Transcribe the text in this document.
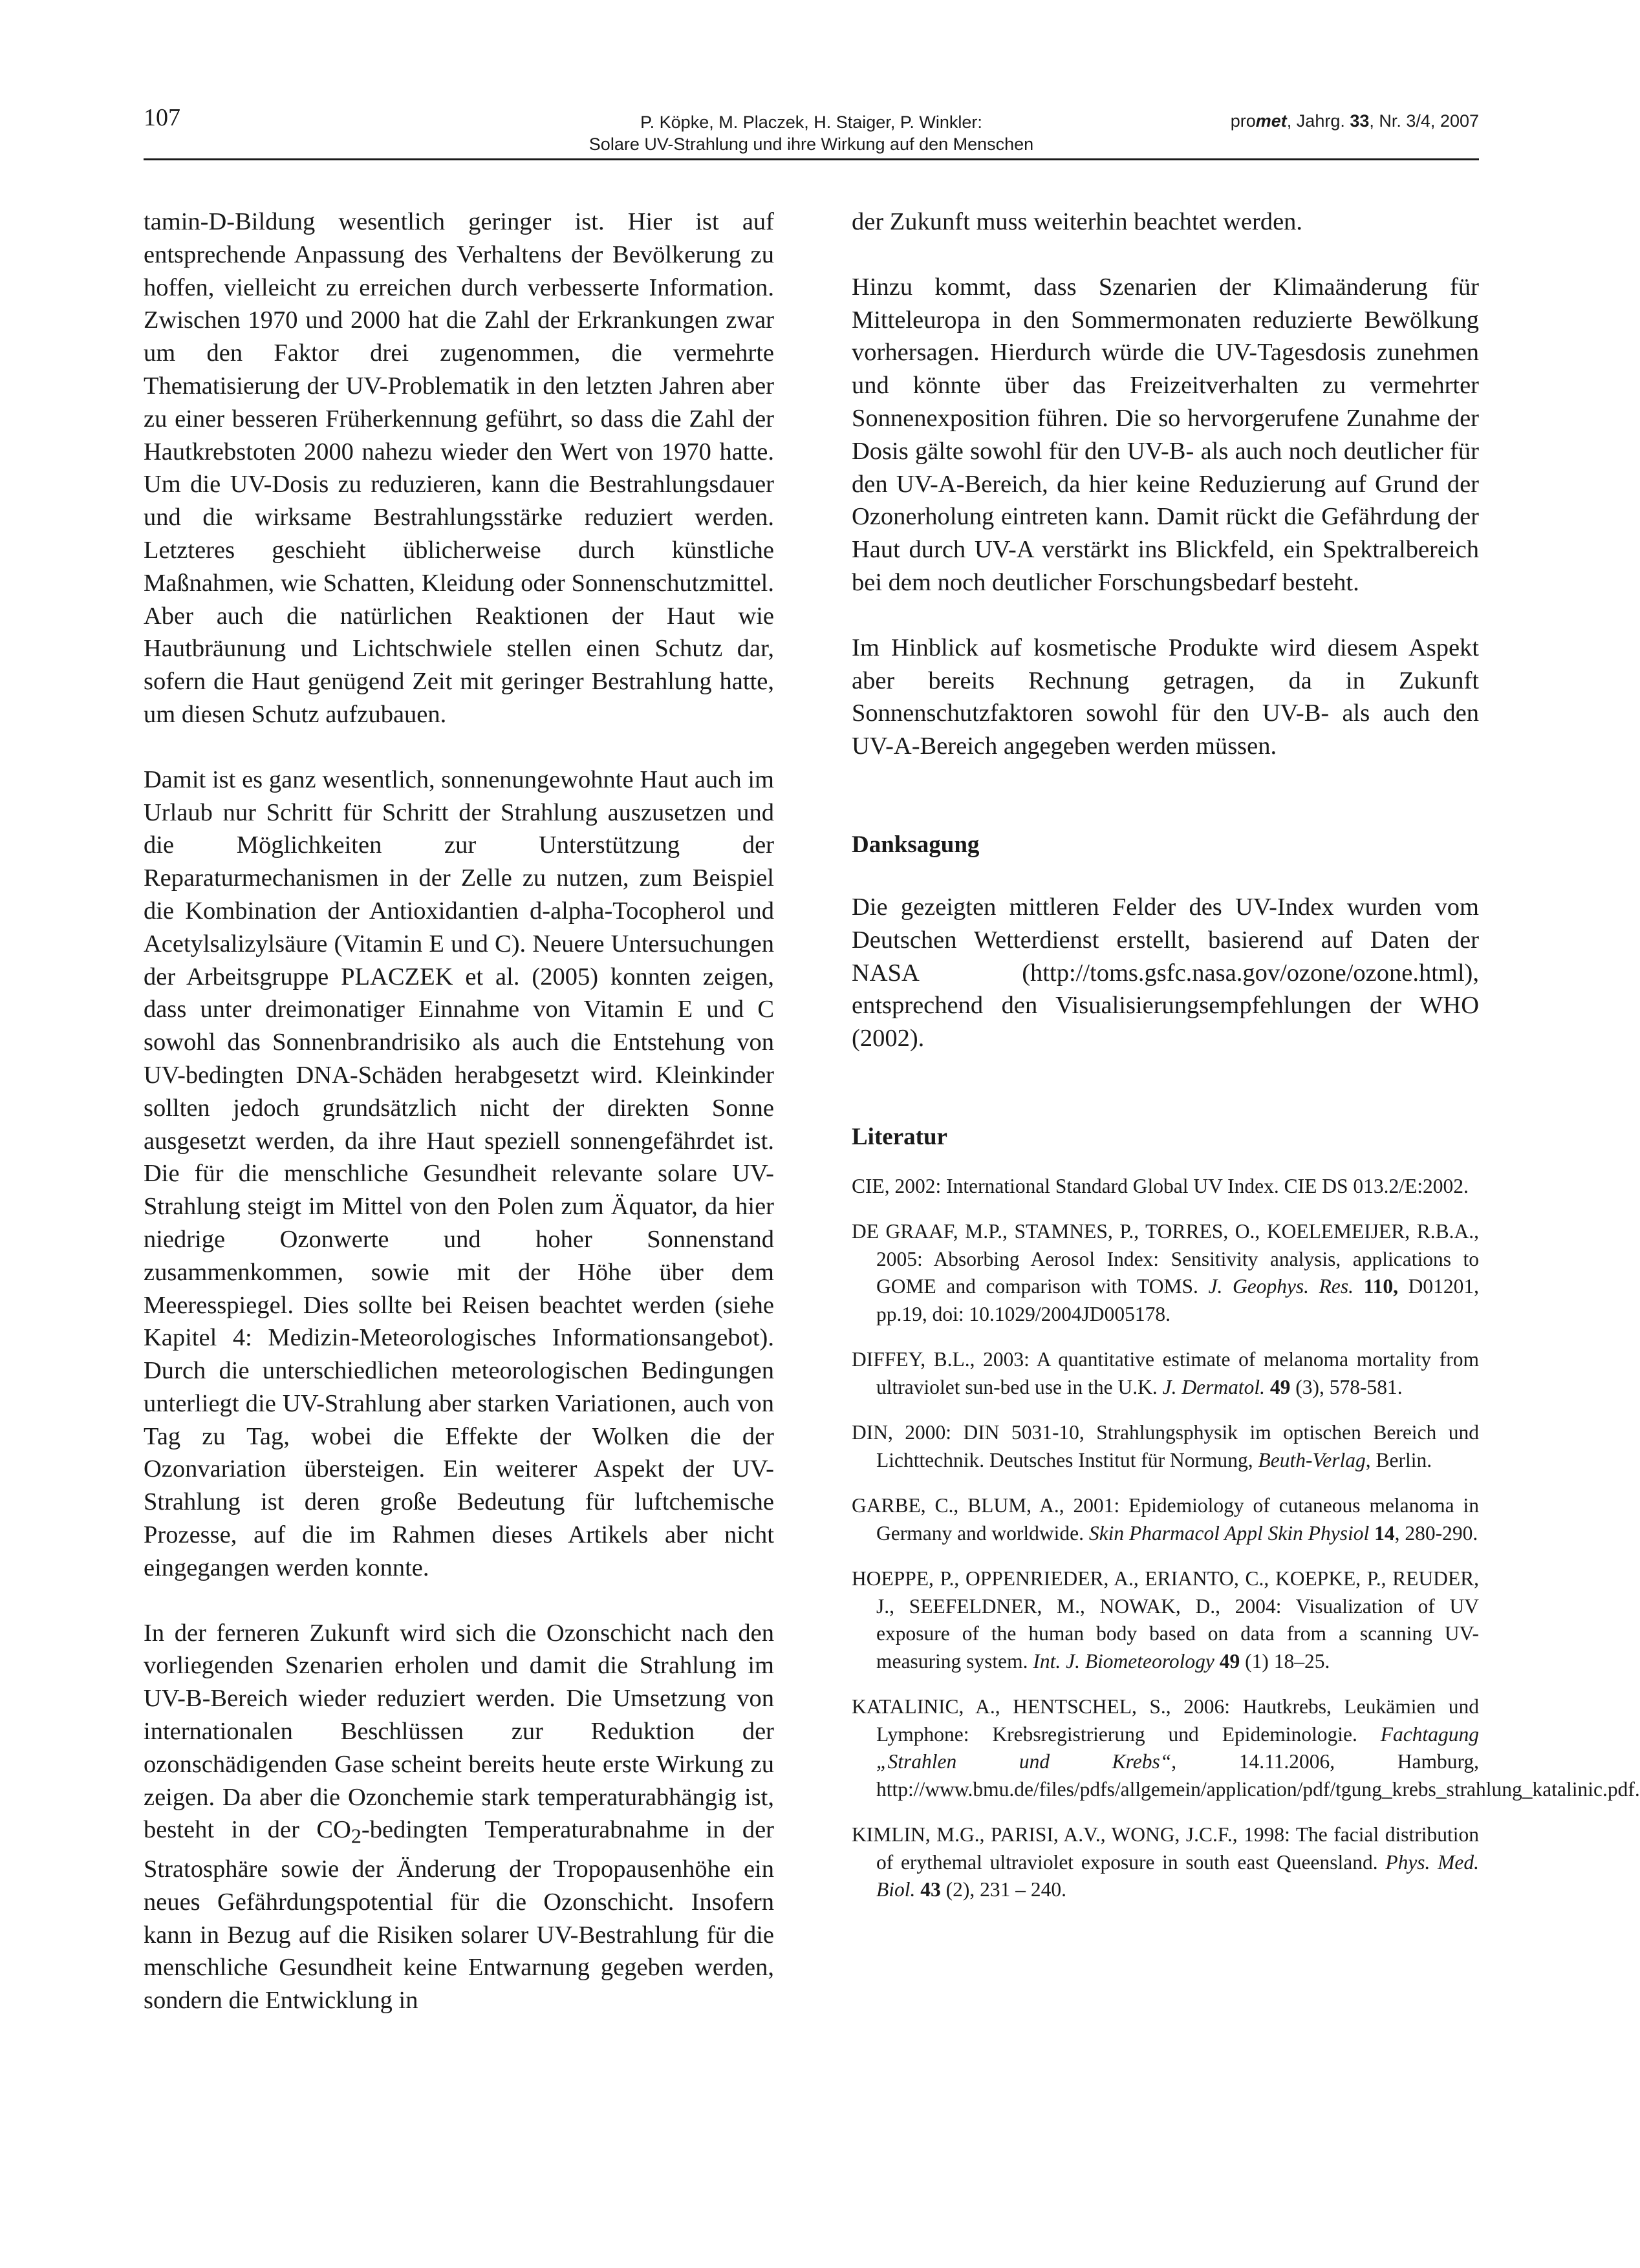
107	P. Köpke, M. Placzek, H. Staiger, P. Winkler:
Solare UV-Strahlung und ihre Wirkung auf den Menschen
promet, Jahrg. 33, Nr. 3/4, 2007

tamin-D-Bildung wesentlich geringer ist. Hier ist auf entsprechende Anpassung des Verhaltens der Bevölkerung zu hoffen, vielleicht zu erreichen durch verbesserte Information. Zwischen 1970 und 2000 hat die Zahl der Erkrankungen zwar um den Faktor drei zugenommen, die vermehrte Thematisierung der UV-Problematik in den letzten Jahren aber zu einer besseren Früherkennung geführt, so dass die Zahl der Hautkrebstoten 2000 nahezu wieder den Wert von 1970 hatte. Um die UV-Dosis zu reduzieren, kann die Bestrahlungsdauer und die wirksame Bestrahlungsstärke reduziert werden. Letzteres geschieht üblicherweise durch künstliche Maßnahmen, wie Schatten, Kleidung oder Sonnenschutzmittel. Aber auch die natürlichen Reaktionen der Haut wie Hautbräunung und Lichtschwiele stellen einen Schutz dar, sofern die Haut genügend Zeit mit geringer Bestrahlung hatte, um diesen Schutz aufzubauen.

Damit ist es ganz wesentlich, sonnenungewohnte Haut auch im Urlaub nur Schritt für Schritt der Strahlung auszusetzen und die Möglichkeiten zur Unterstützung der Reparaturmechanismen in der Zelle zu nutzen, zum Beispiel die Kombination der Antioxidantien d-alpha-Tocopherol und Acetylsalizylsäure (Vitamin E und C). Neuere Untersuchungen der Arbeitsgruppe PLACZEK et al. (2005) konnten zeigen, dass unter dreimonatiger Einnahme von Vitamin E und C sowohl das Sonnenbrandrisiko als auch die Entstehung von UV-bedingten DNA-Schäden herabgesetzt wird. Kleinkinder sollten jedoch grundsätzlich nicht der direkten Sonne ausgesetzt werden, da ihre Haut speziell sonnengefährdet ist. Die für die menschliche Gesundheit relevante solare UV-Strahlung steigt im Mittel von den Polen zum Äquator, da hier niedrige Ozonwerte und hoher Sonnenstand zusammenkommen, sowie mit der Höhe über dem Meeresspiegel. Dies sollte bei Reisen beachtet werden (siehe Kapitel 4: Medizin-Meteorologisches Informationsangebot). Durch die unterschiedlichen meteorologischen Bedingungen unterliegt die UV-Strahlung aber starken Variationen, auch von Tag zu Tag, wobei die Effekte der Wolken die der Ozonvariation übersteigen. Ein weiterer Aspekt der UV-Strahlung ist deren große Bedeutung für luftchemische Prozesse, auf die im Rahmen dieses Artikels aber nicht eingegangen werden konnte.

In der ferneren Zukunft wird sich die Ozonschicht nach den vorliegenden Szenarien erholen und damit die Strahlung im UV-B-Bereich wieder reduziert werden. Die Umsetzung von internationalen Beschlüssen zur Reduktion der ozonschädigenden Gase scheint bereits heute erste Wirkung zu zeigen. Da aber die Ozonchemie stark temperaturabhängig ist, besteht in der $CO_2$-bedingten Temperaturabnahme in der Stratosphäre sowie der Änderung der Tropopausenhöhe ein neues Gefährdungspotential für die Ozonschicht. Insofern kann in Bezug auf die Risiken solarer UV-Bestrahlung für die menschliche Gesundheit keine Entwarnung gegeben werden, sondern die Entwicklung in

der Zukunft muss weiterhin beachtet werden.

Hinzu kommt, dass Szenarien der Klimaänderung für Mitteleuropa in den Sommermonaten reduzierte Bewölkung vorhersagen. Hierdurch würde die UV-Tagesdosis zunehmen und könnte über das Freizeitverhalten zu vermehrter Sonnenexposition führen. Die so hervorgerufene Zunahme der Dosis gälte sowohl für den UV-B- als auch noch deutlicher für den UV-A-Bereich, da hier keine Reduzierung auf Grund der Ozonerholung eintreten kann. Damit rückt die Gefährdung der Haut durch UV-A verstärkt ins Blickfeld, ein Spektralbereich bei dem noch deutlicher Forschungsbedarf besteht.

Im Hinblick auf kosmetische Produkte wird diesem Aspekt aber bereits Rechnung getragen, da in Zukunft Sonnenschutzfaktoren sowohl für den UV-B- als auch den UV-A-Bereich angegeben werden müssen.

Danksagung

Die gezeigten mittleren Felder des UV-Index wurden vom Deutschen Wetterdienst erstellt, basierend auf Daten der NASA (http://toms.gsfc.nasa.gov/ozone/ozone.html), entsprechend den Visualisierungsempfehlungen der WHO (2002).

Literatur

CIE, 2002: International Standard Global UV Index. CIE DS 013.2/E:2002.

DE GRAAF, M.P., STAMNES, P., TORRES, O., KOELEMEIJER, R.B.A., 2005: Absorbing Aerosol Index: Sensitivity analysis, applications to GOME and comparison with TOMS. J. Geophys. Res. 110, D01201, pp.19, doi: 10.1029/2004JD005178.

DIFFEY, B.L., 2003: A quantitative estimate of melanoma mortality from ultraviolet sun-bed use in the U.K. J. Dermatol. 49 (3), 578-581.

DIN, 2000: DIN 5031-10, Strahlungsphysik im optischen Bereich und Lichttechnik. Deutsches Institut für Normung, Beuth-Verlag, Berlin.

GARBE, C., BLUM, A., 2001: Epidemiology of cutaneous melanoma in Germany and worldwide. Skin Pharmacol Appl Skin Physiol 14, 280-290.

HOEPPE, P., OPPENRIEDER, A., ERIANTO, C., KOEPKE, P., REUDER, J., SEEFELDNER, M., NOWAK, D., 2004: Visualization of UV exposure of the human body based on data from a scanning UV-measuring system. Int. J. Biometeorology 49 (1) 18–25.

KATALINIC, A., HENTSCHEL, S., 2006: Hautkrebs, Leukämien und Lymphone: Krebsregistrierung und Epideminologie. Fachtagung „Strahlen und Krebs“, 14.11.2006, Hamburg, http://www.bmu.de/files/pdfs/allgemein/application/pdf/tgung_krebs_strahlung_katalinic.pdf.

KIMLIN, M.G., PARISI, A.V., WONG, J.C.F., 1998: The facial distribution of erythemal ultraviolet exposure in south east Queensland. Phys. Med. Biol. 43 (2), 231 – 240.
